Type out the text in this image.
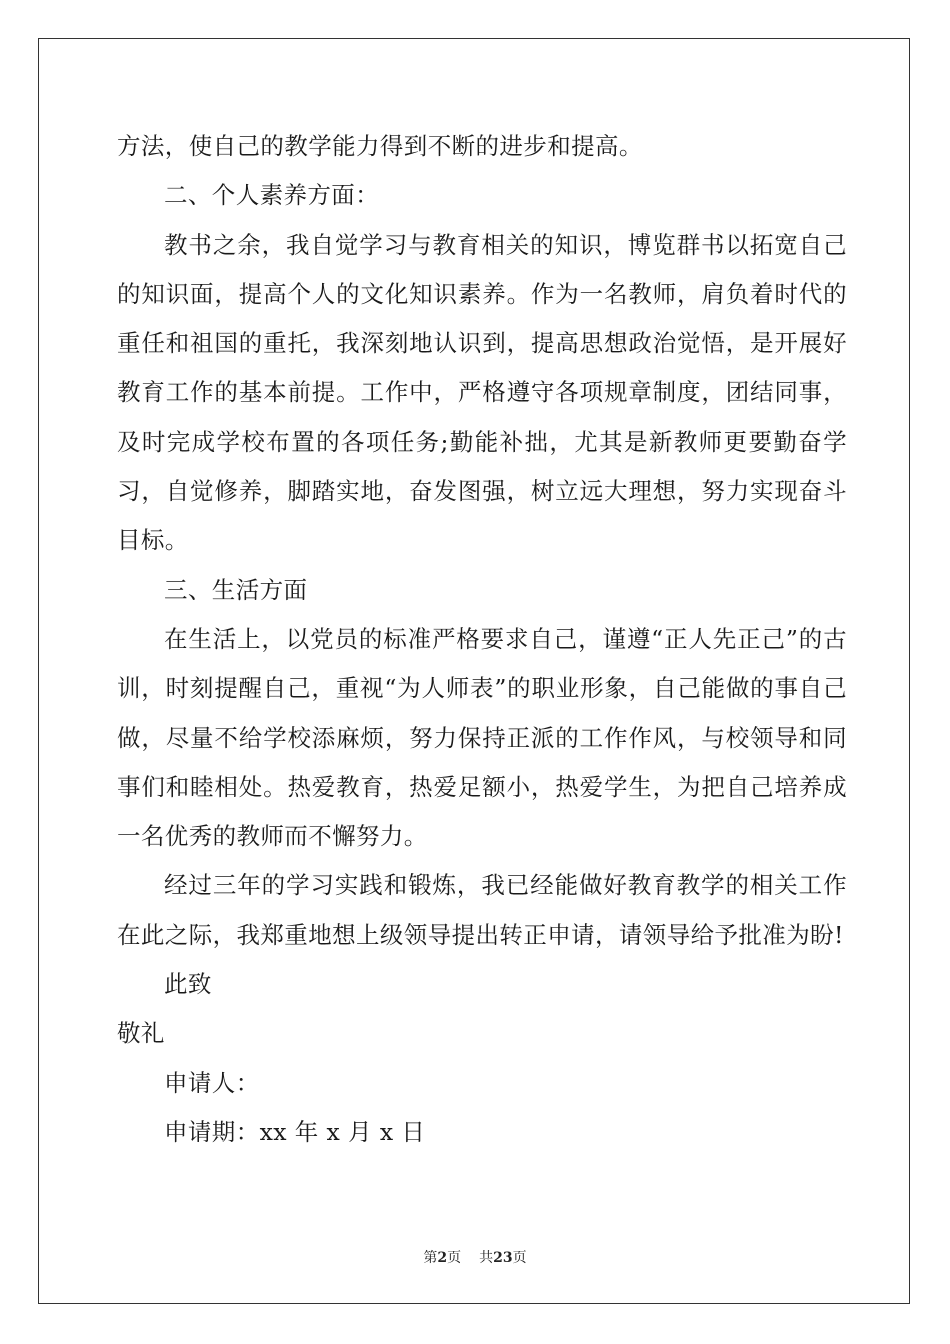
方法，使自己的教学能力得到不断的进步和提高。

二、个人素养方面：

教书之余，我自觉学习与教育相关的知识，博览群书以拓宽自己的知识面，提高个人的文化知识素养。作为一名教师，肩负着时代的重任和祖国的重托，我深刻地认识到，提高思想政治觉悟，是开展好教育工作的基本前提。工作中，严格遵守各项规章制度，团结同事，及时完成学校布置的各项任务;勤能补拙，尤其是新教师更要勤奋学习，自觉修养，脚踏实地，奋发图强，树立远大理想，努力实现奋斗目标。

三、生活方面

在生活上，以党员的标准严格要求自己，谨遵“正人先正己”的古训，时刻提醒自己，重视“为人师表”的职业形象，自己能做的事自己做，尽量不给学校添麻烦，努力保持正派的工作作风，与校领导和同事们和睦相处。热爱教育，热爱足额小，热爱学生，为把自己培养成一名优秀的教师而不懈努力。

经过三年的学习实践和锻炼，我已经能做好教育教学的相关工作在此之际，我郑重地想上级领导提出转正申请，请领导给予批准为盼!

此致

敬礼

申请人：

申请期：xx 年 x 月 x 日

第2页 共23页
